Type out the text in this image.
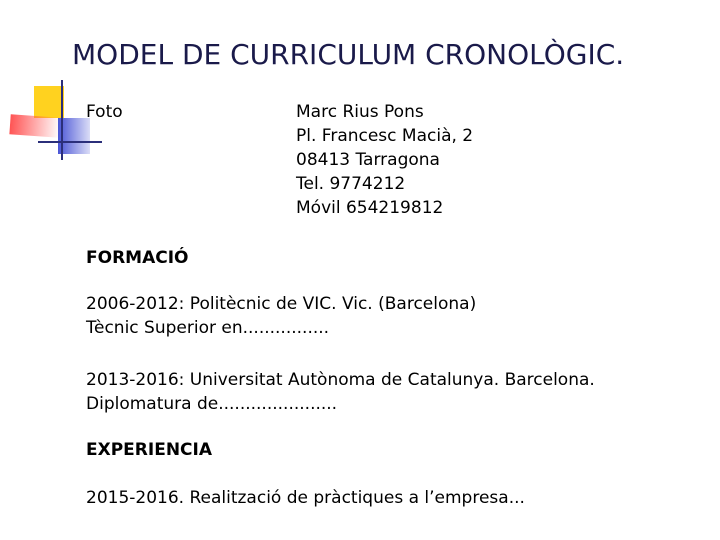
MODEL DE CURRICULUM CRONOLÒGIC.
Foto	Marc Rius Pons
Pl. Francesc Macià, 2
08413 Tarragona
Tel. 9774212
Móvil 654219812
FORMACIÓ
2006-2012: Politècnic de VIC. Vic. (Barcelona)
Tècnic Superior en................
2013-2016: Universitat Autònoma de Catalunya. Barcelona.
Diplomatura de......................
EXPERIENCIA
2015-2016. Realització de pràctiques a l’empresa...
